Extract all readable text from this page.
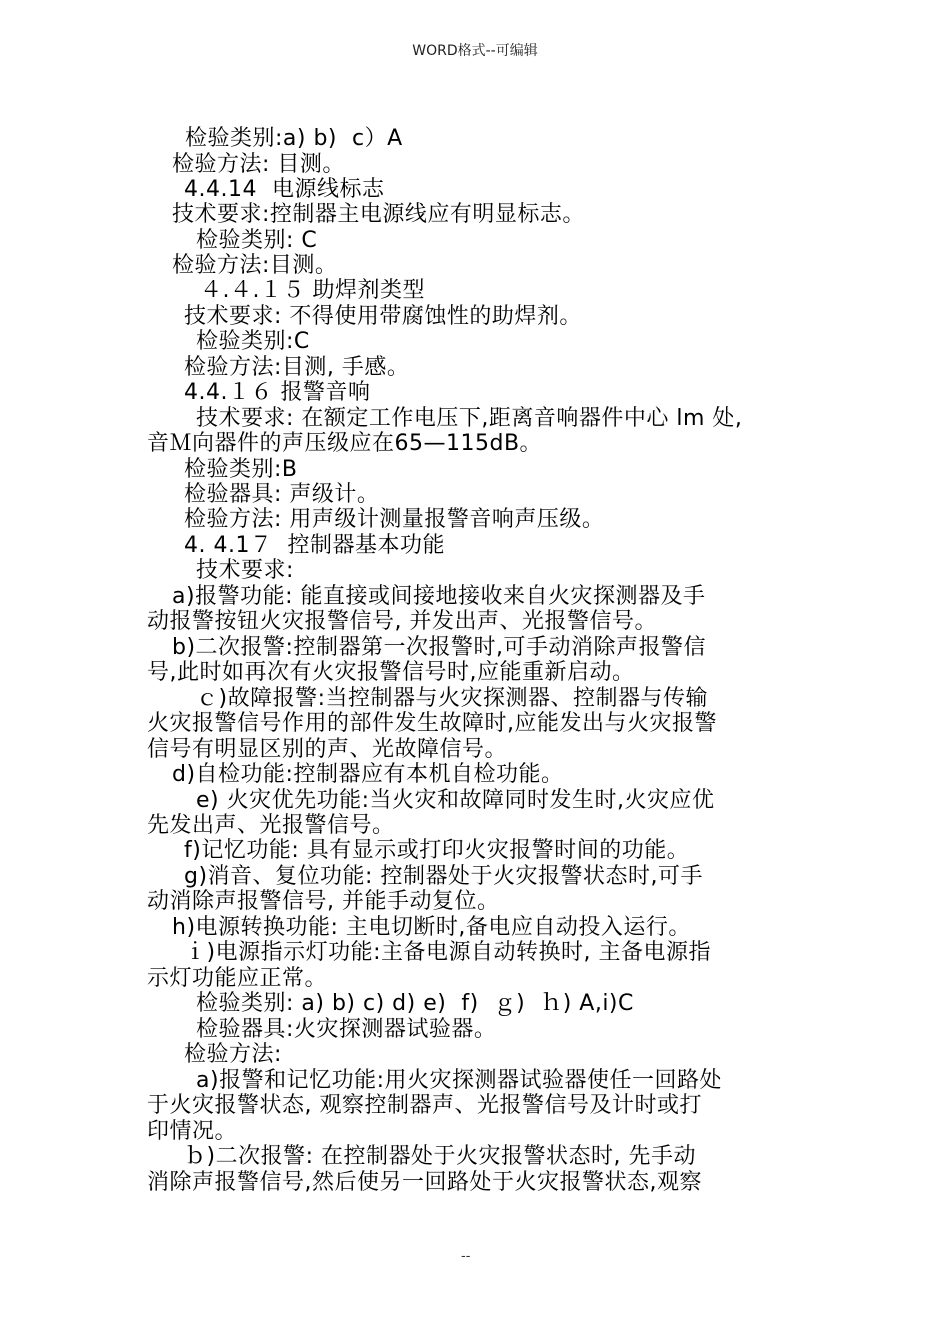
WORD格式--可编辑
检验类别:a) b)  c）A
检验方法: 目测。
4.4.14  电源线标志
技术要求:控制器主电源线应有明显标志。
检验类别: C
检验方法:目测。
４.４.１５ 助焊剂类型
技术要求: 不得使用带腐蚀性的助焊剂。
检验类别:C
检验方法:目测, 手感。
4.4.１６ 报警音响
技术要求: 在额定工作电压下,距离音响器件中心 lm 处,
音Ｍ向器件的声压级应在65—115dB。
检验类别:B
检验器具: 声级计。
检验方法: 用声级计测量报警音响声压级。
4. 4.1７  控制器基本功能
技术要求:
a)报警功能: 能直接或间接地接收来自火灾探测器及手
动报警按钮火灾报警信号, 并发出声、光报警信号。
b)二次报警:控制器第一次报警时,可手动消除声报警信
号,此时如再次有火灾报警信号时,应能重新启动。
ｃ)故障报警:当控制器与火灾探测器、控制器与传输
火灾报警信号作用的部件发生故障时,应能发出与火灾报警
信号有明显区别的声、光故障信号。
d)自检功能:控制器应有本机自检功能。
e) 火灾优先功能:当火灾和故障同时发生时,火灾应优
先发出声、光报警信号。
f)记忆功能: 具有显示或打印火灾报警时间的功能。
g)消音、复位功能: 控制器处于火灾报警状态时,可手
动消除声报警信号, 并能手动复位。
h)电源转换功能: 主电切断时,备电应自动投入运行。
ｉ)电源指示灯功能:主备电源自动转换时, 主备电源指
示灯功能应正常。
检验类别: a) b) c) d) e)  f)  ｇ)  ｈ) A,i)C
检验器具:火灾探测器试验器。
检验方法:
a)报警和记忆功能:用火灾探测器试验器使任一回路处
于火灾报警状态, 观察控制器声、光报警信号及计时或打
印情况。
ｂ)二次报警: 在控制器处于火灾报警状态时, 先手动
消除声报警信号,然后使另一回路处于火灾报警状态,观察
--
